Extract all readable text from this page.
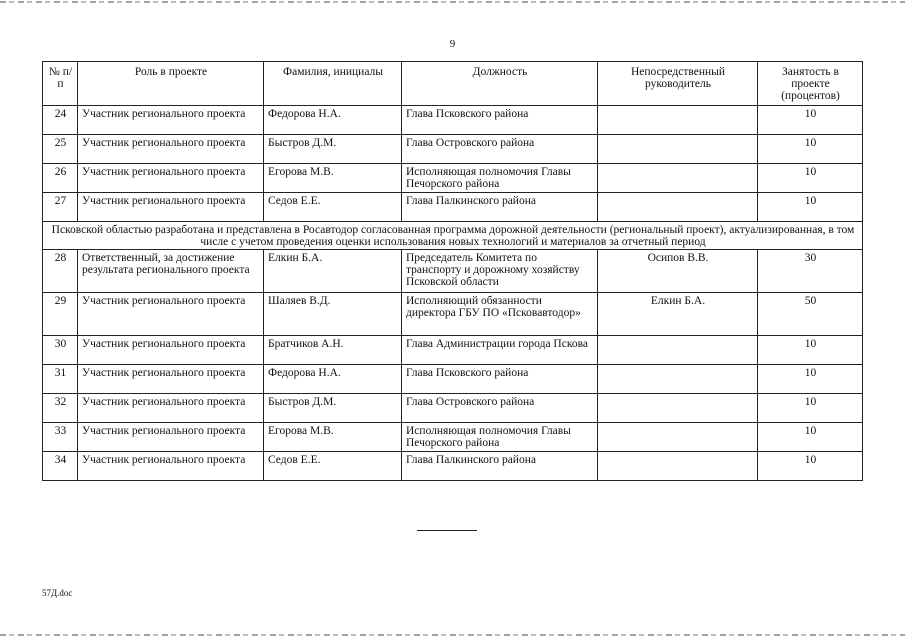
9
№ п/п	Роль в проекте	Фамилия, инициалы	Должность	Непосредственный руководитель	Занятость в проекте (процентов)
24	Участник регионального проекта	Федорова Н.А.	Глава Псковского района		10
25	Участник регионального проекта	Быстров Д.М.	Глава Островского района		10
26	Участник регионального проекта	Егорова М.В.	Исполняющая полномочия Главы Печорского района		10
27	Участник регионального проекта	Седов Е.Е.	Глава Палкинского района		10
Псковской областью разработана и представлена в Росавтодор согласованная программа дорожной деятельности (региональный проект), актуализированная, в том числе с учетом проведения оценки использования новых технологий и материалов за отчетный период					
28	Ответственный, за достижение результата регионального проекта	Елкин Б.А.	Председатель Комитета по транспорту и дорожному хозяйству Псковской области	Осипов В.В.	30
29	Участник регионального проекта	Шаляев В.Д.	Исполняющий обязанности директора ГБУ ПО «Псковавтодор»	Елкин Б.А.	50
30	Участник регионального проекта	Братчиков А.Н.	Глава Администрации города Пскова		10
31	Участник регионального проекта	Федорова Н.А.	Глава Псковского района		10
32	Участник регионального проекта	Быстров Д.М.	Глава Островского района		10
33	Участник регионального проекта	Егорова М.В.	Исполняющая полномочия Главы Печорского района		10
34	Участник регионального проекта	Седов Е.Е.	Глава Палкинского района		10
57Д.doc
